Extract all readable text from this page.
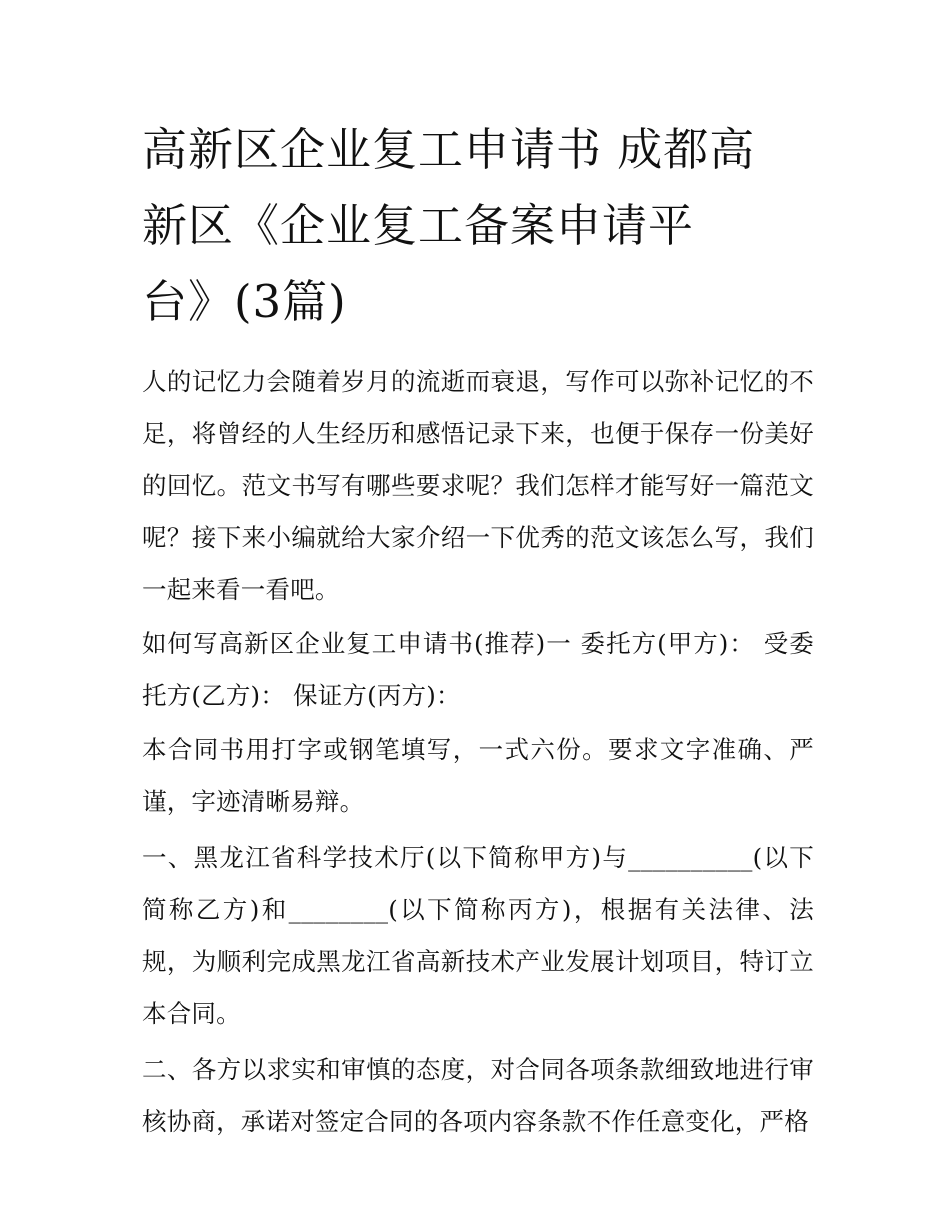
高新区企业复工申请书 成都高
新区《企业复工备案申请平
台》(3篇)

人的记忆力会随着岁月的流逝而衰退，写作可以弥补记忆的不足，将曾经的人生经历和感悟记录下来，也便于保存一份美好的回忆。范文书写有哪些要求呢？我们怎样才能写好一篇范文呢？接下来小编就给大家介绍一下优秀的范文该怎么写，我们一起来看一看吧。

如何写高新区企业复工申请书(推荐)一 委托方(甲方)： 受委托方(乙方)： 保证方(丙方)：

本合同书用打字或钢笔填写，一式六份。要求文字准确、严谨，字迹清晰易辩。

一、黑龙江省科学技术厅(以下简称甲方)与__________(以下简称乙方)和________(以下简称丙方)，根据有关法律、法规，为顺利完成黑龙江省高新技术产业发展计划项目，特订立本合同。

二、各方以求实和审慎的态度，对合同各项条款细致地进行审核协商，承诺对签定合同的各项内容条款不作任意变化，严格
